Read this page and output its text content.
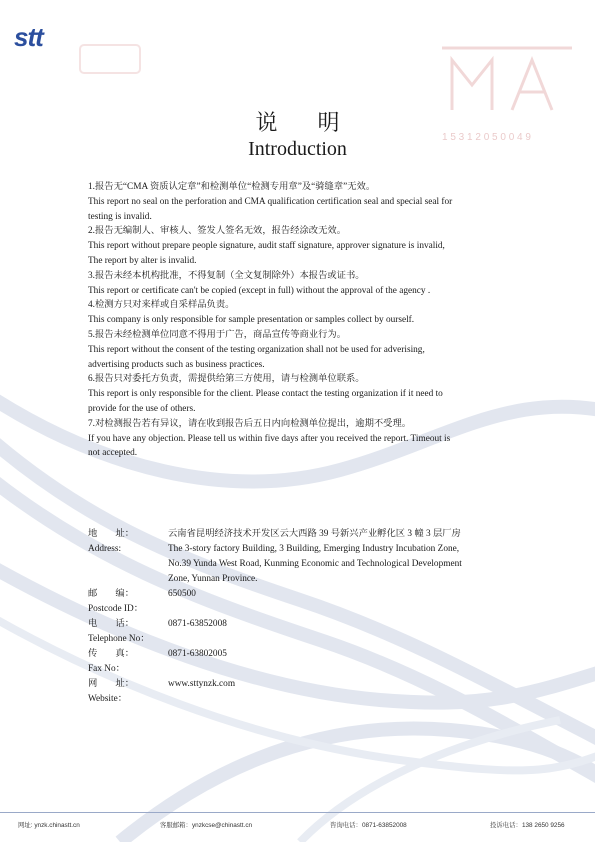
1 5 3 1 2 0 5 0 0 4 9
stt
说明
Introduction
1.报告无“CMA 资质认定章”和检测单位“检测专用章”及“骑缝章”无效。
This report no seal on the perforation and CMA qualification certification seal and special seal for
testing is invalid.
2.报告无编制人、审核人、签发人签名无效，报告经涂改无效。
This report without prepare people signature, audit staff signature, approver signature is invalid,
The report by alter is invalid.
3.报告未经本机构批准，不得复制（全文复制除外）本报告或证书。
This report or certificate can't be copied (except in full) without the approval of the agency .
4.检测方只对来样或自采样品负责。
This company is only responsible for sample presentation or samples collect by ourself.
5.报告未经检测单位同意不得用于广告，商品宣传等商业行为。
This report without the consent of the testing organization shall not be used for adverising,
advertising products such as business practices.
6.报告只对委托方负责，需提供给第三方使用，请与检测单位联系。
This report is only responsible for the client. Please contact the testing organization if it need to
provide for the use of others.
7.对检测报告若有异议，请在收到报告后五日内向检测单位提出，逾期不受理。
If you have any objection. Please tell us within five days after you received the report. Timeout is
not accepted.
地 址：	云南省昆明经济技术开发区云大西路 39 号新兴产业孵化区 3 幢 3 层厂房
Address:	The 3-story factory Building, 3 Building, Emerging Industry Incubation Zone,
No.39 Yunda West Road, Kunming Economic and Technological Development
Zone, Yunnan Province.
邮 编：	650500
Postcode ID：
电 话：	0871-63852008
Telephone No：
传 真：	0871-63802005
Fax No：
网 址：	www.sttynzk.com
Website：
网址: ynzk.chinastt.cn	客服邮箱：ynzkcse@chinastt.cn	咨询电话：0871-63852008	投诉电话：138 2650 9256
